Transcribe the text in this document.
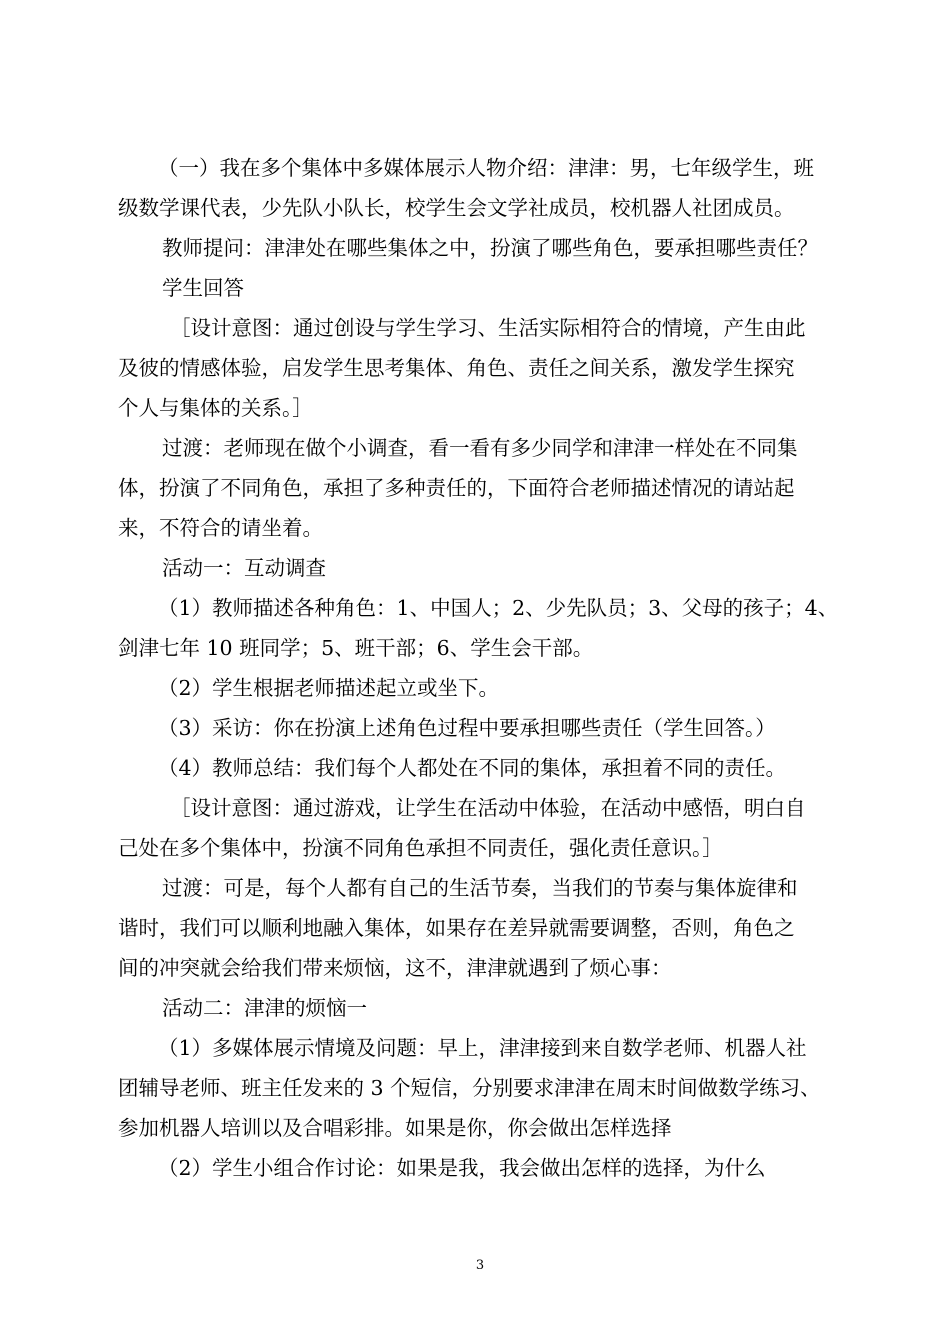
（一）我在多个集体中多媒体展示人物介绍：津津：男，七年级学生，班
级数学课代表，少先队小队长，校学生会文学社成员，校机器人社团成员。
教师提问：津津处在哪些集体之中，扮演了哪些角色，要承担哪些责任？
学生回答
［设计意图：通过创设与学生学习、生活实际相符合的情境，产生由此
及彼的情感体验，启发学生思考集体、角色、责任之间关系，激发学生探究
个人与集体的关系。］
过渡：老师现在做个小调查，看一看有多少同学和津津一样处在不同集
体，扮演了不同角色，承担了多种责任的，下面符合老师描述情况的请站起
来，不符合的请坐着。
活动一：互动调查
（1）教师描述各种角色：1、中国人；2、少先队员；3、父母的孩子；4、
剑津七年 10 班同学；5、班干部；6、学生会干部。
（2）学生根据老师描述起立或坐下。
（3）采访：你在扮演上述角色过程中要承担哪些责任（学生回答。）
（4）教师总结：我们每个人都处在不同的集体，承担着不同的责任。
［设计意图：通过游戏，让学生在活动中体验，在活动中感悟，明白自
己处在多个集体中，扮演不同角色承担不同责任，强化责任意识。］
过渡：可是，每个人都有自己的生活节奏，当我们的节奏与集体旋律和
谐时，我们可以顺利地融入集体，如果存在差异就需要调整，否则，角色之
间的冲突就会给我们带来烦恼，这不，津津就遇到了烦心事：
活动二：津津的烦恼一
（1）多媒体展示情境及问题：早上，津津接到来自数学老师、机器人社
团辅导老师、班主任发来的 3 个短信，分别要求津津在周末时间做数学练习、
参加机器人培训以及合唱彩排。如果是你，你会做出怎样选择
（2）学生小组合作讨论：如果是我，我会做出怎样的选择，为什么
3
